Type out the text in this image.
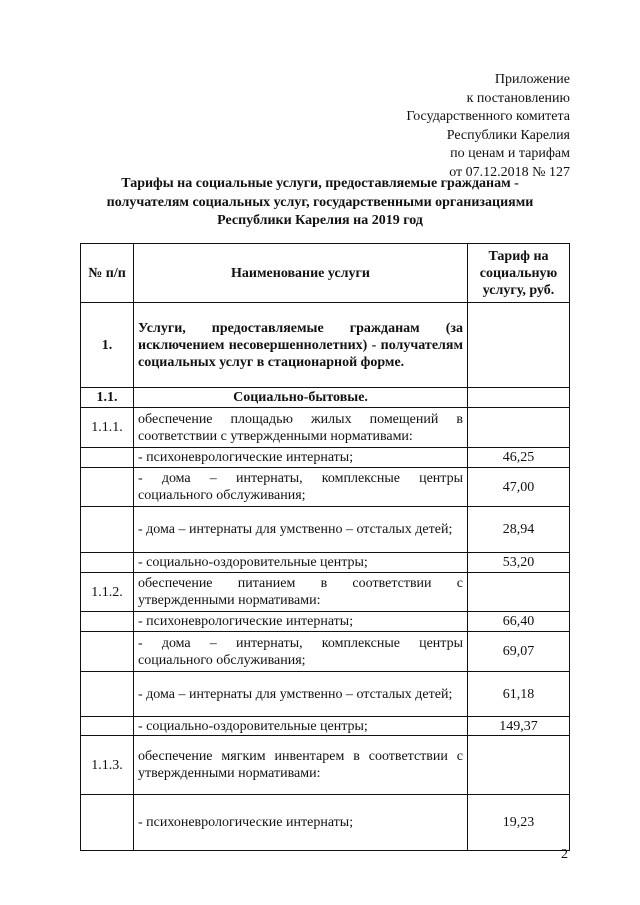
Приложение
к постановлению
Государственного комитета
Республики Карелия
по ценам и тарифам
от 07.12.2018 № 127
Тарифы на социальные услуги, предоставляемые гражданам -
получателям социальных услуг, государственными организациями
Республики Карелия на 2019 год
№ п/п	Наименование услуги	Тариф на социальную услугу, руб.
1.	Услуги, предоставляемые гражданам (за исключением несовершеннолетних) - получателям социальных услуг в стационарной форме.	
1.1.	Социально-бытовые.	
1.1.1.	обеспечение площадью жилых помещений в соответствии с утвержденными нормативами:	
	- психоневрологические интернаты;	46,25
	- дома – интернаты, комплексные центры социального обслуживания;	47,00
	- дома – интернаты для умственно – отсталых детей;	28,94
	- социально-оздоровительные центры;	53,20
1.1.2.	обеспечение питанием в соответствии с утвержденными нормативами:	
	- психоневрологические интернаты;	66,40
	- дома – интернаты, комплексные центры социального обслуживания;	69,07
	- дома – интернаты для умственно – отсталых детей;	61,18
	- социально-оздоровительные центры;	149,37
1.1.3.	обеспечение мягким инвентарем в соответствии с утвержденными нормативами:	
	- психоневрологические интернаты;	19,23
2
